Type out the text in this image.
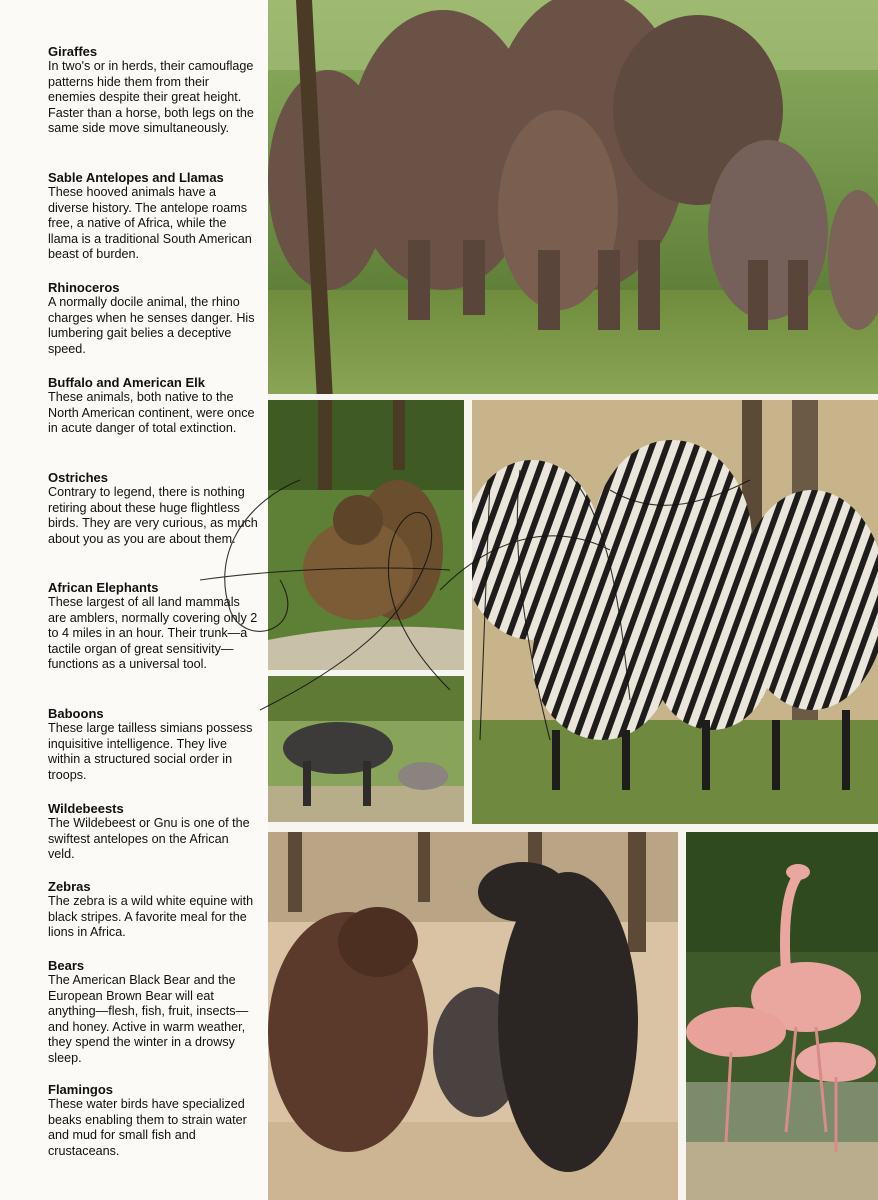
Giraffes

In two's or in herds, their camouflage patterns hide them from their enemies despite their great height. Faster than a horse, both legs on the same side move simultaneously.

Sable Antelopes and Llamas

These hooved animals have a diverse history. The antelope roams free, a native of Africa, while the llama is a traditional South American beast of burden.

Rhinoceros

A normally docile animal, the rhino charges when he senses danger. His lumbering gait belies a deceptive speed.

Buffalo and American Elk

These animals, both native to the North American continent, were once in acute danger of total extinction.

Ostriches

Contrary to legend, there is nothing retiring about these huge flightless birds. They are very curious, as much about you as you are about them.

African Elephants

These largest of all land mammals are amblers, normally covering only 2 to 4 miles in an hour. Their trunk—a tactile organ of great sensitivity—functions as a universal tool.

Baboons

These large tailless simians possess inquisitive intelligence. They live within a structured social order in troops.

Wildebeests

The Wildebeest or Gnu is one of the swiftest antelopes on the African veld.

Zebras

The zebra is a wild white equine with black stripes. A favorite meal for the lions in Africa.

Bears

The American Black Bear and the European Brown Bear will eat anything—flesh, fish, fruit, insects—and honey. Active in warm weather, they spend the winter in a drowsy sleep.

Flamingos

These water birds have specialized beaks enabling them to strain water and mud for small fish and crustaceans.
